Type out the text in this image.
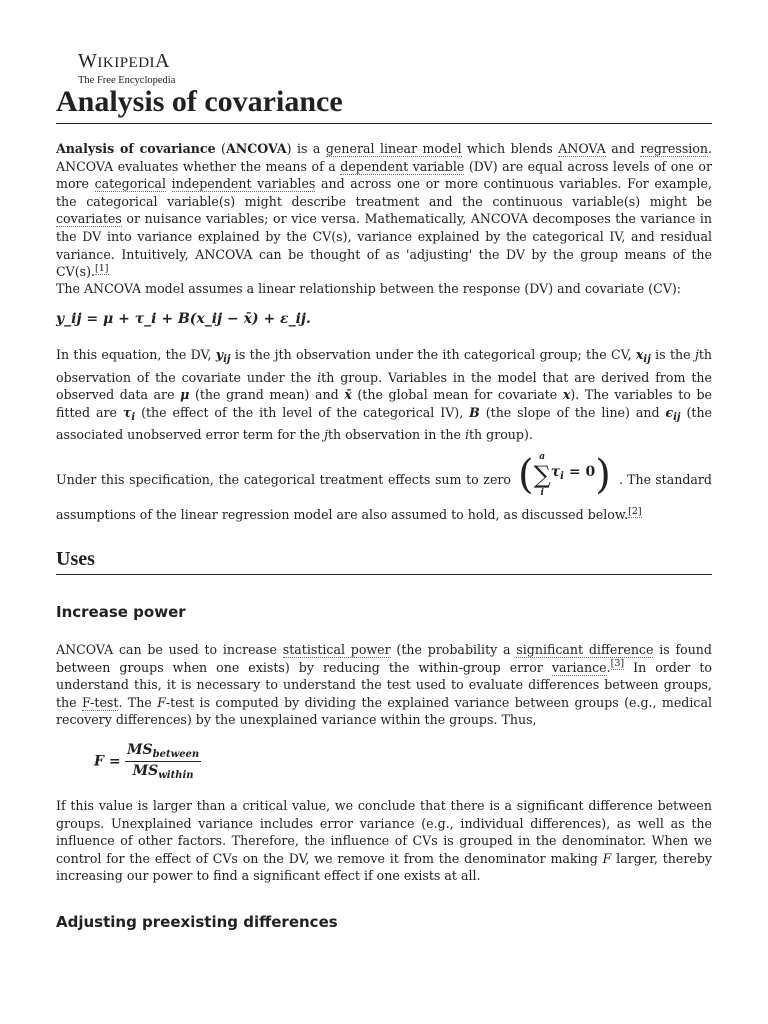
WIKIPEDIA
The Free Encyclopedia
Analysis of covariance

Analysis of covariance (ANCOVA) is a general linear model which blends ANOVA and regression. ANCOVA evaluates whether the means of a dependent variable (DV) are equal across levels of one or more categorical independent variables and across one or more continuous variables. For example, the categorical variable(s) might describe treatment and the continuous variable(s) might be covariates or nuisance variables; or vice versa. Mathematically, ANCOVA decomposes the variance in the DV into variance explained by the CV(s), variance explained by the categorical IV, and residual variance. Intuitively, ANCOVA can be thought of as 'adjusting' the DV by the group means of the CV(s).[1]

The ANCOVA model assumes a linear relationship between the response (DV) and covariate (CV):

y_ij = μ + τ_i + B(x_ij − x̄) + ε_ij.

In this equation, the DV, $y_{ij}$ is the jth observation under the ith categorical group; the CV, $x_{ij}$ is the jth observation of the covariate under the ith group. Variables in the model that are derived from the observed data are μ (the grand mean) and x̄ (the global mean for covariate x). The variables to be fitted are $\tau_i$ (the effect of the ith level of the categorical IV), B (the slope of the line) and $\epsilon_{ij}$ (the associated unobserved error term for the jth observation in the ith group).

Under this specification, the categorical treatment effects sum to zero ( a
∑
i
$\tau_i = 0$) . The standard

assumptions of the linear regression model are also assumed to hold, as discussed below.[2]

Uses
Increase power

ANCOVA can be used to increase statistical power (the probability a significant difference is found between groups when one exists) by reducing the within-group error variance.[3] In order to understand this, it is necessary to understand the test used to evaluate differences between groups, the F-test. The F-test is computed by dividing the explained variance between groups (e.g., medical recovery differences) by the unexplained variance within the groups. Thus,

$F = \frac{MS_{between}}{MS_{within}}$

If this value is larger than a critical value, we conclude that there is a significant difference between groups. Unexplained variance includes error variance (e.g., individual differences), as well as the influence of other factors. Therefore, the influence of CVs is grouped in the denominator. When we control for the effect of CVs on the DV, we remove it from the denominator making F larger, thereby increasing our power to find a significant effect if one exists at all.

Adjusting preexisting differences
